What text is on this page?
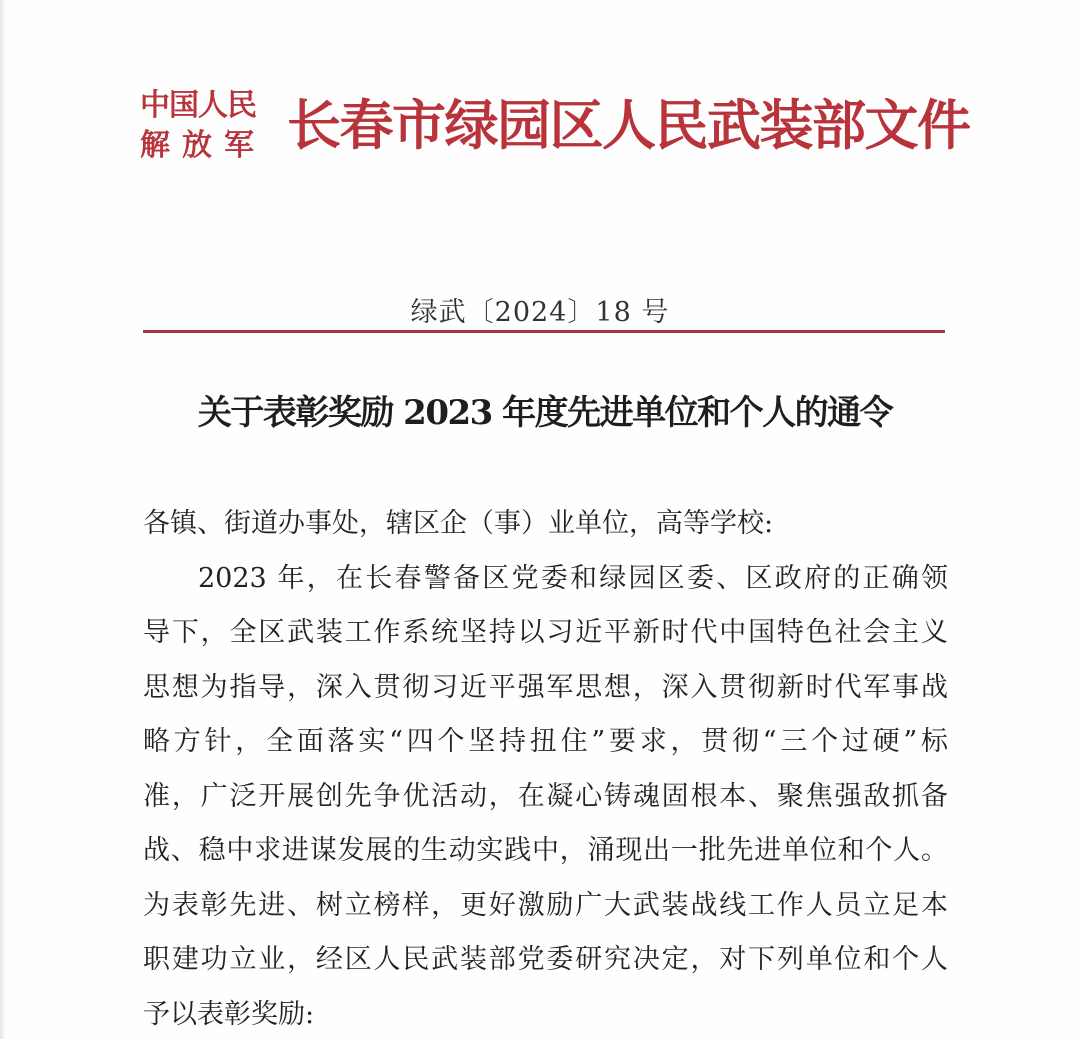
中国人民
解放军 长春市绿园区人民武装部文件
绿武〔2024〕18 号
关于表彰奖励 2023 年度先进单位和个人的通令
各镇、街道办事处，辖区企（事）业单位，高等学校:
2023 年，在长春警备区党委和绿园区委、区政府的正确领
导下，全区武装工作系统坚持以习近平新时代中国特色社会主义
思想为指导，深入贯彻习近平强军思想，深入贯彻新时代军事战
略方针，全面落实“四个坚持扭住”要求，贯彻“三个过硬”标
准，广泛开展创先争优活动，在凝心铸魂固根本、聚焦强敌抓备
战、稳中求进谋发展的生动实践中，涌现出一批先进单位和个人。
为表彰先进、树立榜样，更好激励广大武装战线工作人员立足本
职建功立业，经区人民武装部党委研究决定，对下列单位和个人
予以表彰奖励:
